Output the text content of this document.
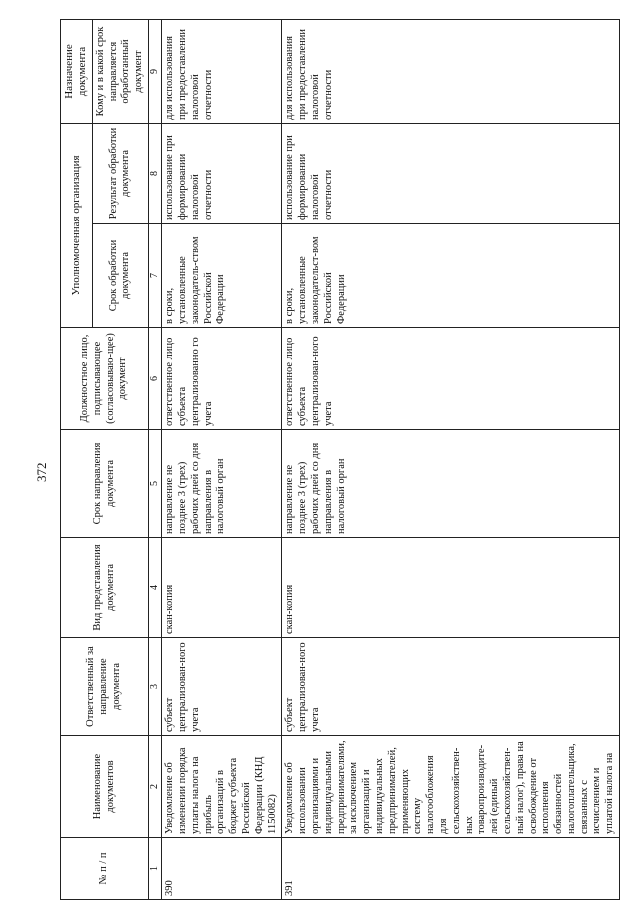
372
№ п / п	Наименование документов	Ответственный за направление документа	Вид представления документа	Срок направления документа	Должностное лицо, подписывающее (согласовываю-щее) документ	Уполномоченная организация		Назначение документа
						Срок обработки документа	Результат обработки документа	Кому и в какой срок направляется обработанный документ
1	2	3	4	5	6	7	8	9
390	Уведомление об изменении порядка уплаты налога на прибыль организаций в бюджет субъекта Российской Федерации (КНД 1150082)	субъект централизован-ного учета	скан-копия	направление не позднее 3 (трех) рабочих дней со дня направления в налоговый орган	ответственное лицо субъекта централизованно го учета	в сроки, установленные законодатель-ством Российской Федерации	использование при формировании налоговой отчетности	для использования при предоставлении налоговой отчетности
391	Уведомление об использовании организациями и индивидуальными предпринимателями, за исключением организаций и индивидуальных предпринимателей, применяющих систему налогообложения для сельскохозяйствен-ных товаропроизводите-лей (единый сельскохозяйствен-ный налог), права на освобождение от исполнения обязанностей налогоплательщика, связанных с исчислением и уплатой налога на	субъект централизован-ного учета	скан-копия	направление не позднее 3 (трех) рабочих дней со дня направления в налоговый орган	ответственное лицо субъекта централизован-ного учета	в сроки, установленные законодательст-вом Российской Федерации	использование при формировании налоговой отчетности	для использования при предоставлении налоговой отчетности
